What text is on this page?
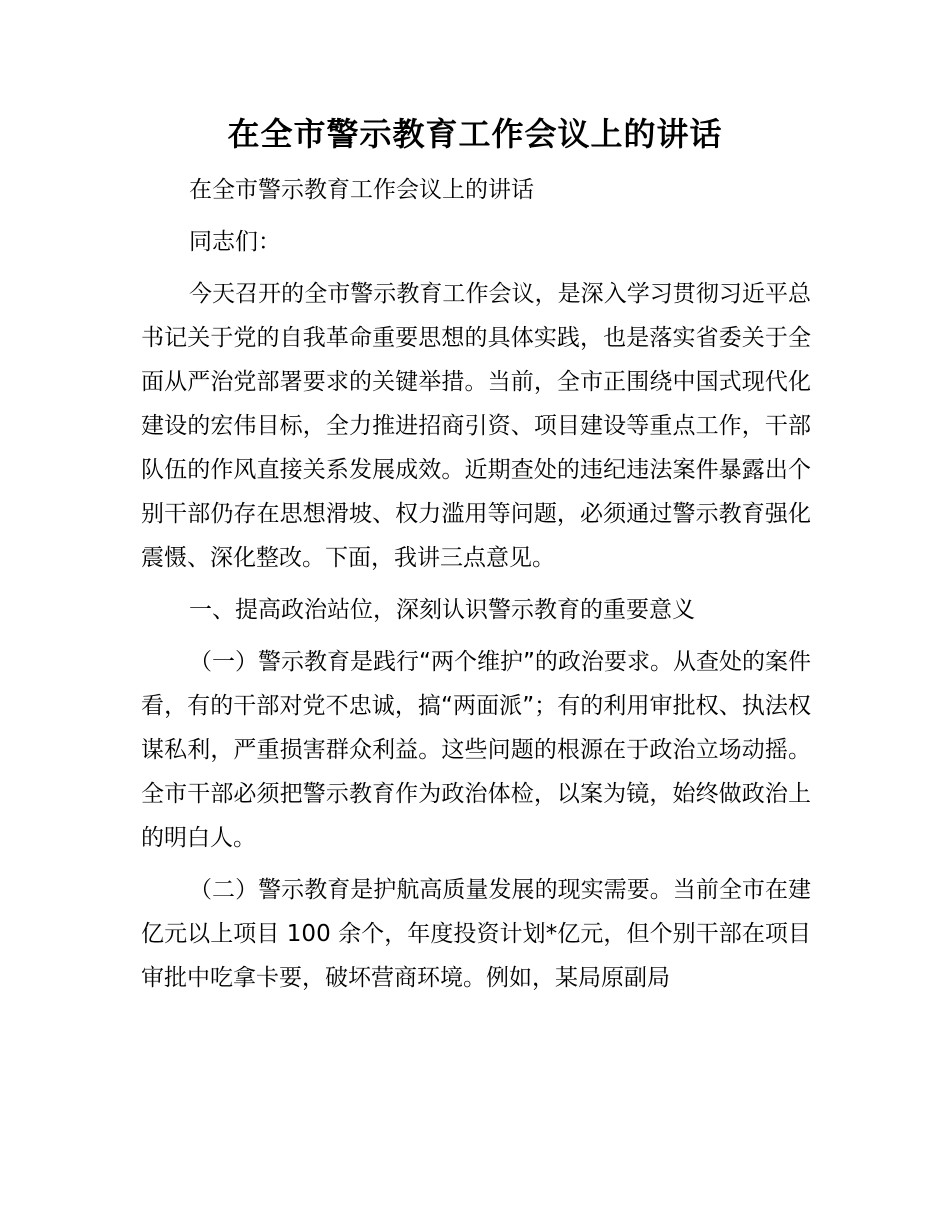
在全市警示教育工作会议上的讲话

在全市警示教育工作会议上的讲话

同志们：

今天召开的全市警示教育工作会议，是深入学习贯彻习近平总书记关于党的自我革命重要思想的具体实践，也是落实省委关于全面从严治党部署要求的关键举措。当前，全市正围绕中国式现代化建设的宏伟目标，全力推进招商引资、项目建设等重点工作，干部队伍的作风直接关系发展成效。近期查处的违纪违法案件暴露出个别干部仍存在思想滑坡、权力滥用等问题，必须通过警示教育强化震慑、深化整改。下面，我讲三点意见。

一、提高政治站位，深刻认识警示教育的重要意义

（一）警示教育是践行“两个维护”的政治要求。从查处的案件看，有的干部对党不忠诚，搞“两面派”；有的利用审批权、执法权谋私利，严重损害群众利益。这些问题的根源在于政治立场动摇。全市干部必须把警示教育作为政治体检，以案为镜，始终做政治上的明白人。

（二）警示教育是护航高质量发展的现实需要。当前全市在建亿元以上项目 100 余个，年度投资计划*亿元，但个别干部在项目审批中吃拿卡要，破坏营商环境。例如，某局原副局
